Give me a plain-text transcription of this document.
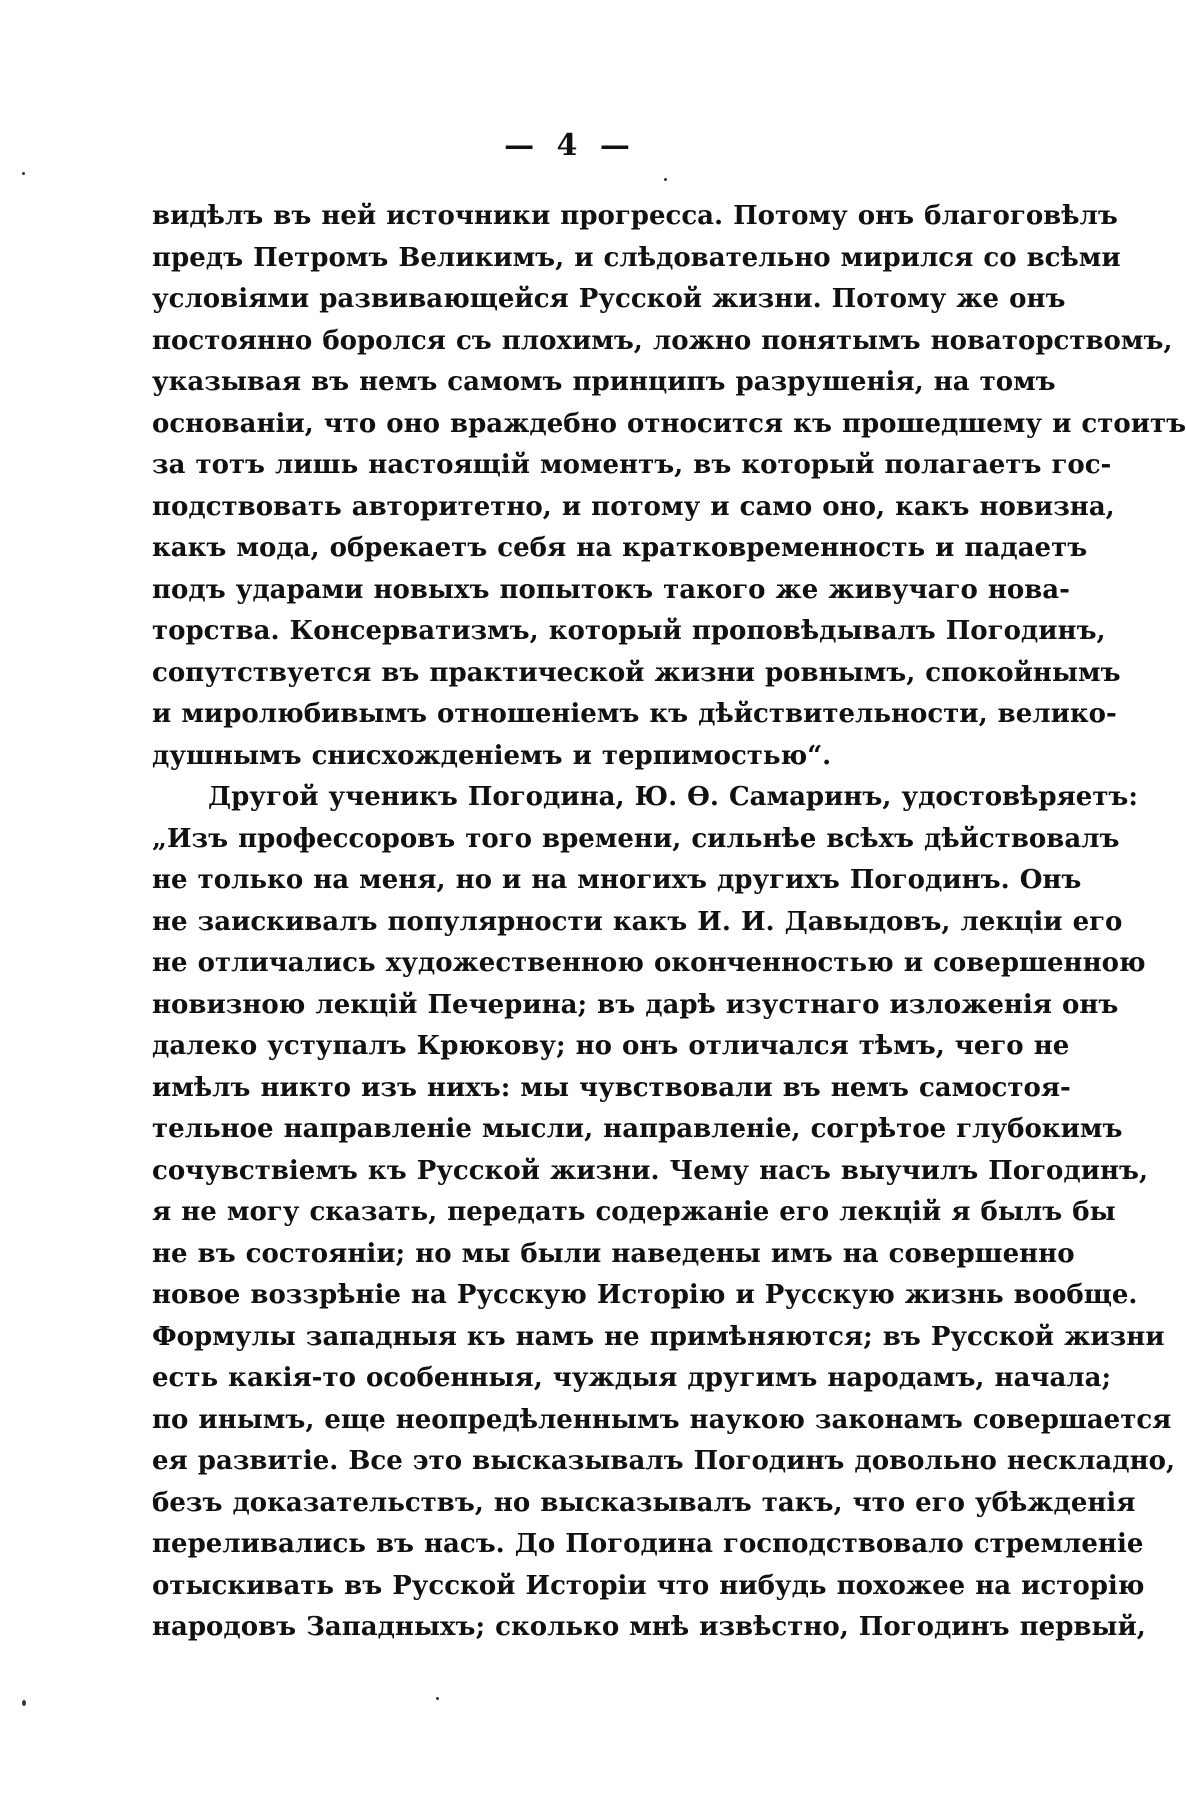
— 4 —
видѣлъ въ ней источники прогресса. Потому онъ благоговѣлъ
предъ Петромъ Великимъ, и слѣдовательно мирился со всѣми
условіями развивающейся Русской жизни. Потому же онъ
постоянно боролся съ плохимъ, ложно понятымъ новаторствомъ,
указывая въ немъ самомъ принципъ разрушенія, на томъ
основаніи, что оно враждебно относится къ прошедшему и стоитъ
за тотъ лишь настоящій моментъ, въ который полагаетъ гос-
подствовать авторитетно, и потому и само оно, какъ новизна,
какъ мода, обрекаетъ себя на кратковременность и падаетъ
подъ ударами новыхъ попытокъ такого же живучаго нова-
торства. Консерватизмъ, который проповѣдывалъ Погодинъ,
сопутствуется въ практической жизни ровнымъ, спокойнымъ
и миролюбивымъ отношеніемъ къ дѣйствительности, велико-
душнымъ снисхожденіемъ и терпимостью“.
Другой ученикъ Погодина, Ю. Ѳ. Самаринъ, удостовѣряетъ:
„Изъ профессоровъ того времени, сильнѣе всѣхъ дѣйствовалъ
не только на меня, но и на многихъ другихъ Погодинъ. Онъ
не заискивалъ популярности какъ И. И. Давыдовъ, лекціи его
не отличались художественною оконченностью и совершенною
новизною лекцій Печерина; въ дарѣ изустнаго изложенія онъ
далеко уступалъ Крюкову; но онъ отличался тѣмъ, чего не
имѣлъ никто изъ нихъ: мы чувствовали въ немъ самостоя-
тельное направленіе мысли, направленіе, согрѣтое глубокимъ
сочувствіемъ къ Русской жизни. Чему насъ выучилъ Погодинъ,
я не могу сказать, передать содержаніе его лекцій я былъ бы
не въ состояніи; но мы были наведены имъ на совершенно
новое воззрѣніе на Русскую Исторію и Русскую жизнь вообще.
Формулы западныя къ намъ не примѣняются; въ Русской жизни
есть какія-то особенныя, чуждыя другимъ народамъ, начала;
по инымъ, еще неопредѣленнымъ наукою законамъ совершается
ея развитіе. Все это высказывалъ Погодинъ довольно нескладно,
безъ доказательствъ, но высказывалъ такъ, что его убѣжденія
переливались въ насъ. До Погодина господствовало стремленіе
отыскивать въ Русской Исторіи что нибудь похожее на исторію
народовъ Западныхъ; сколько мнѣ извѣстно, Погодинъ первый,
